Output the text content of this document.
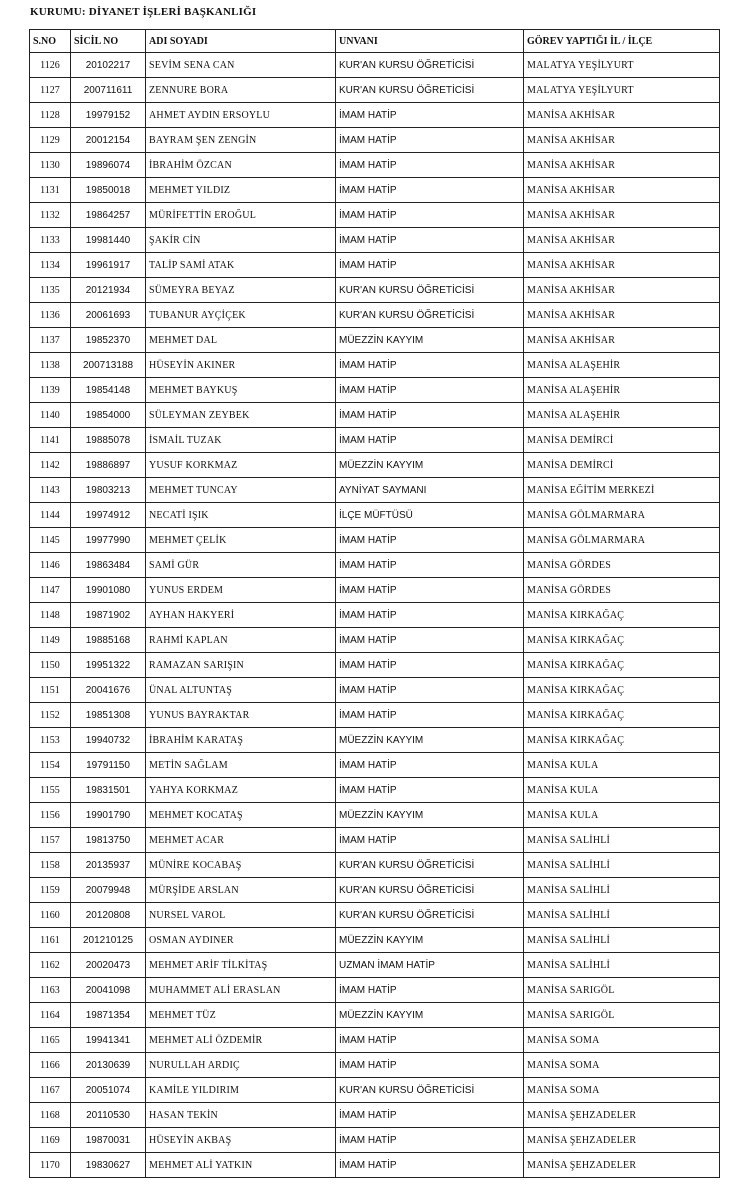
KURUMU: DİYANET İŞLERİ BAŞKANLIĞI
S.NO	SİCİL NO	ADI SOYADI	UNVANI	GÖREV YAPTIĞI İL / İLÇE
1126	20102217	SEVİM SENA CAN	KUR'AN KURSU ÖĞRETİCİSİ	MALATYA YEŞİLYURT
1127	200711611	ZENNURE BORA	KUR'AN KURSU ÖĞRETİCİSİ	MALATYA YEŞİLYURT
1128	19979152	AHMET AYDIN ERSOYLU	İMAM HATİP	MANİSA AKHİSAR
1129	20012154	BAYRAM ŞEN ZENGİN	İMAM HATİP	MANİSA AKHİSAR
1130	19896074	İBRAHİM ÖZCAN	İMAM HATİP	MANİSA AKHİSAR
1131	19850018	MEHMET YILDIZ	İMAM HATİP	MANİSA AKHİSAR
1132	19864257	MÜRİFETTİN EROĞUL	İMAM HATİP	MANİSA AKHİSAR
1133	19981440	ŞAKİR CİN	İMAM HATİP	MANİSA AKHİSAR
1134	19961917	TALİP SAMİ ATAK	İMAM HATİP	MANİSA AKHİSAR
1135	20121934	SÜMEYRA BEYAZ	KUR'AN KURSU ÖĞRETİCİSİ	MANİSA AKHİSAR
1136	20061693	TUBANUR AYÇİÇEK	KUR'AN KURSU ÖĞRETİCİSİ	MANİSA AKHİSAR
1137	19852370	MEHMET DAL	MÜEZZİN KAYYIM	MANİSA AKHİSAR
1138	200713188	HÜSEYİN AKINER	İMAM HATİP	MANİSA ALAŞEHİR
1139	19854148	MEHMET BAYKUŞ	İMAM HATİP	MANİSA ALAŞEHİR
1140	19854000	SÜLEYMAN ZEYBEK	İMAM HATİP	MANİSA ALAŞEHİR
1141	19885078	İSMAİL TUZAK	İMAM HATİP	MANİSA DEMİRCİ
1142	19886897	YUSUF KORKMAZ	MÜEZZİN KAYYIM	MANİSA DEMİRCİ
1143	19803213	MEHMET TUNCAY	AYNİYAT SAYMANI	MANİSA EĞİTİM MERKEZİ
1144	19974912	NECATİ IŞIK	İLÇE MÜFTÜSÜ	MANİSA GÖLMARMARA
1145	19977990	MEHMET ÇELİK	İMAM HATİP	MANİSA GÖLMARMARA
1146	19863484	SAMİ GÜR	İMAM HATİP	MANİSA GÖRDES
1147	19901080	YUNUS ERDEM	İMAM HATİP	MANİSA GÖRDES
1148	19871902	AYHAN HAKYERİ	İMAM HATİP	MANİSA KIRKAĞAÇ
1149	19885168	RAHMİ KAPLAN	İMAM HATİP	MANİSA KIRKAĞAÇ
1150	19951322	RAMAZAN SARIŞIN	İMAM HATİP	MANİSA KIRKAĞAÇ
1151	20041676	ÜNAL ALTUNTAŞ	İMAM HATİP	MANİSA KIRKAĞAÇ
1152	19851308	YUNUS BAYRAKTAR	İMAM HATİP	MANİSA KIRKAĞAÇ
1153	19940732	İBRAHİM KARATAŞ	MÜEZZİN KAYYIM	MANİSA KIRKAĞAÇ
1154	19791150	METİN SAĞLAM	İMAM HATİP	MANİSA KULA
1155	19831501	YAHYA KORKMAZ	İMAM HATİP	MANİSA KULA
1156	19901790	MEHMET KOCATAŞ	MÜEZZİN KAYYIM	MANİSA KULA
1157	19813750	MEHMET ACAR	İMAM HATİP	MANİSA SALİHLİ
1158	20135937	MÜNİRE KOCABAŞ	KUR'AN KURSU ÖĞRETİCİSİ	MANİSA SALİHLİ
1159	20079948	MÜRŞİDE ARSLAN	KUR'AN KURSU ÖĞRETİCİSİ	MANİSA SALİHLİ
1160	20120808	NURSEL VAROL	KUR'AN KURSU ÖĞRETİCİSİ	MANİSA SALİHLİ
1161	201210125	OSMAN AYDINER	MÜEZZİN KAYYIM	MANİSA SALİHLİ
1162	20020473	MEHMET ARİF TİLKİTAŞ	UZMAN İMAM HATİP	MANİSA SALİHLİ
1163	20041098	MUHAMMET ALİ ERASLAN	İMAM HATİP	MANİSA SARIGÖL
1164	19871354	MEHMET TÜZ	MÜEZZİN KAYYIM	MANİSA SARIGÖL
1165	19941341	MEHMET ALİ ÖZDEMİR	İMAM HATİP	MANİSA SOMA
1166	20130639	NURULLAH ARDIÇ	İMAM HATİP	MANİSA SOMA
1167	20051074	KAMİLE YILDIRIM	KUR'AN KURSU ÖĞRETİCİSİ	MANİSA SOMA
1168	20110530	HASAN TEKİN	İMAM HATİP	MANİSA ŞEHZADELER
1169	19870031	HÜSEYİN AKBAŞ	İMAM HATİP	MANİSA ŞEHZADELER
1170	19830627	MEHMET ALİ YATKIN	İMAM HATİP	MANİSA ŞEHZADELER
